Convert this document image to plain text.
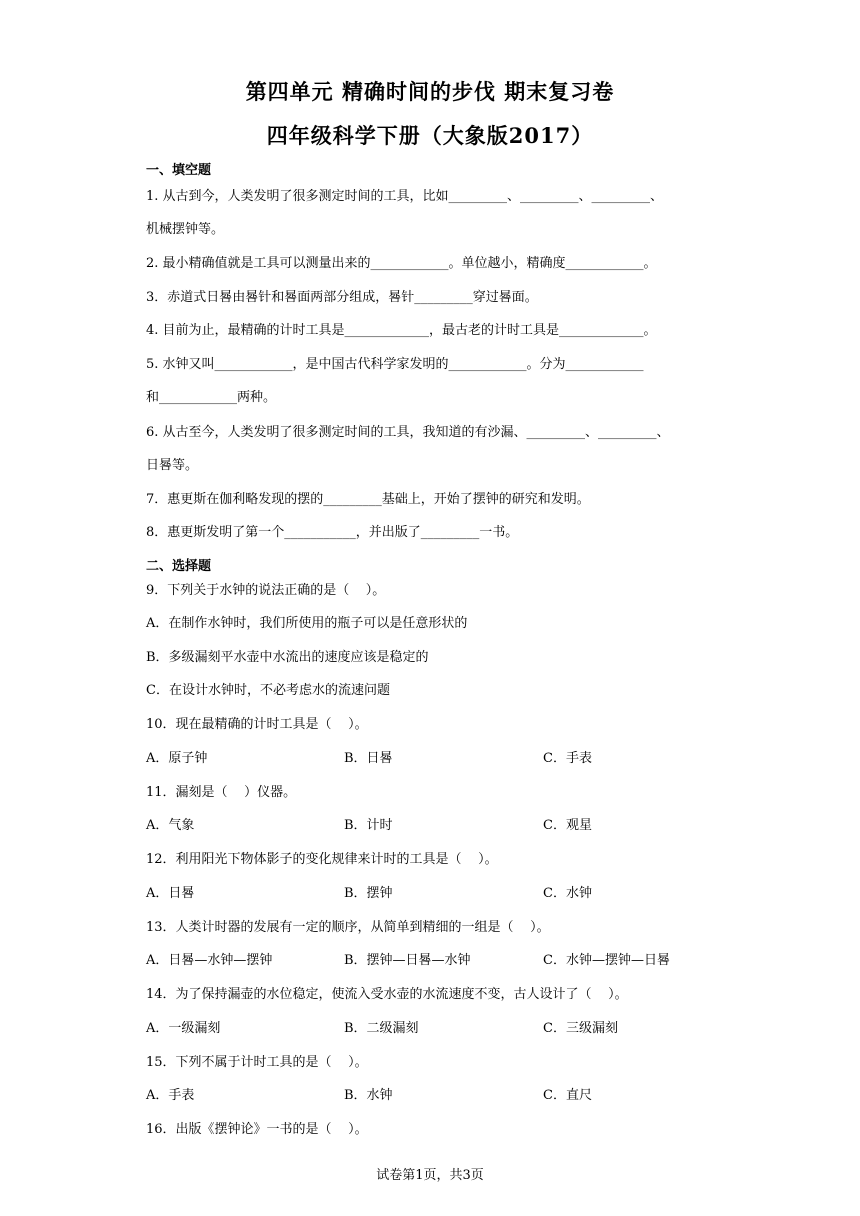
第四单元 精确时间的步伐 期末复习卷
四年级科学下册（大象版2017）
一、填空题
1. 从古到今，人类发明了很多测定时间的工具，比如_________、_________、_________、
机械摆钟等。
2. 最小精确值就是工具可以测量出来的____________。单位越小，精确度____________。
3．赤道式日晷由晷针和晷面两部分组成，晷针_________穿过晷面。
4. 目前为止，最精确的计时工具是_____________，最古老的计时工具是_____________。
5. 水钟又叫____________，是中国古代科学家发明的____________。分为____________
和____________两种。
6. 从古至今，人类发明了很多测定时间的工具，我知道的有沙漏、_________、_________、
日晷等。
7．惠更斯在伽利略发现的摆的_________基础上，开始了摆钟的研究和发明。
8．惠更斯发明了第一个___________，并出版了_________一书。
二、选择题
9．下列关于水钟的说法正确的是（    ）。
A．在制作水钟时，我们所使用的瓶子可以是任意形状的
B．多级漏刻平水壶中水流出的速度应该是稳定的
C．在设计水钟时，不必考虑水的流速问题
10．现在最精确的计时工具是（    ）。
A．原子钟	B．日晷	C．手表
11．漏刻是（    ）仪器。
A．气象	B．计时	C．观星
12．利用阳光下物体影子的变化规律来计时的工具是（    ）。
A．日晷	B．摆钟	C．水钟
13．人类计时器的发展有一定的顺序，从简单到精细的一组是（    ）。
A．日晷—水钟—摆钟	B．摆钟—日晷—水钟	C．水钟—摆钟—日晷
14．为了保持漏壶的水位稳定，使流入受水壶的水流速度不变，古人设计了（    ）。
A．一级漏刻	B．二级漏刻	C．三级漏刻
15．下列不属于计时工具的是（    ）。
A．手表	B．水钟	C．直尺
16．出版《摆钟论》一书的是（    ）。
试卷第1页，共3页
